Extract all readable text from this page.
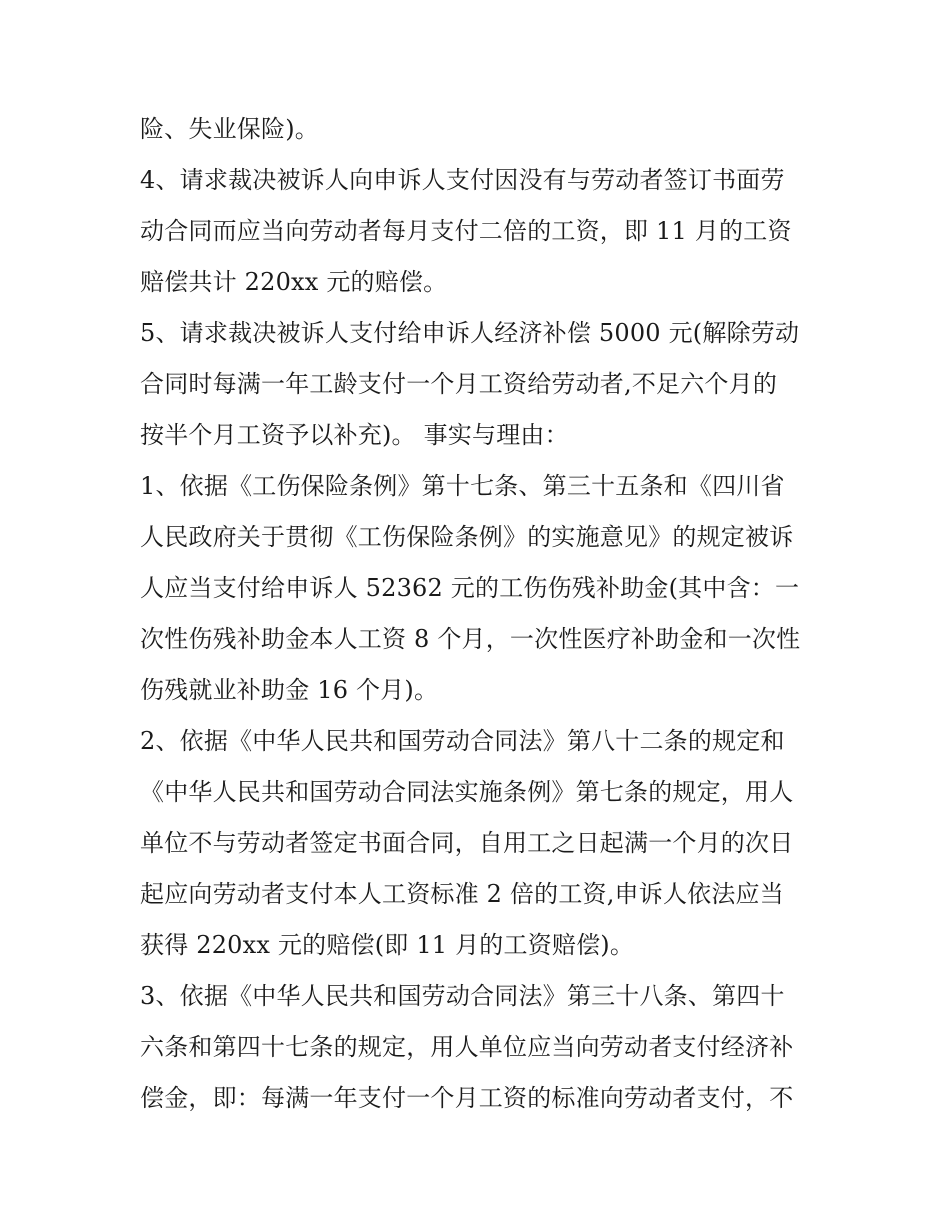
险、失业保险)。
4、请求裁决被诉人向申诉人支付因没有与劳动者签订书面劳
动合同而应当向劳动者每月支付二倍的工资，即 11 月的工资
赔偿共计 220xx 元的赔偿。
5、请求裁决被诉人支付给申诉人经济补偿 5000 元(解除劳动
合同时每满一年工龄支付一个月工资给劳动者,不足六个月的
按半个月工资予以补充)。 事实与理由：
1、依据《工伤保险条例》第十七条、第三十五条和《四川省
人民政府关于贯彻《工伤保险条例》的实施意见》的规定被诉
人应当支付给申诉人 52362 元的工伤伤残补助金(其中含：一
次性伤残补助金本人工资 8 个月，一次性医疗补助金和一次性
伤残就业补助金 16 个月)。
2、依据《中华人民共和国劳动合同法》第八十二条的规定和
《中华人民共和国劳动合同法实施条例》第七条的规定，用人
单位不与劳动者签定书面合同，自用工之日起满一个月的次日
起应向劳动者支付本人工资标准 2 倍的工资,申诉人依法应当
获得 220xx 元的赔偿(即 11 月的工资赔偿)。
3、依据《中华人民共和国劳动合同法》第三十八条、第四十
六条和第四十七条的规定，用人单位应当向劳动者支付经济补
偿金，即：每满一年支付一个月工资的标准向劳动者支付，不
